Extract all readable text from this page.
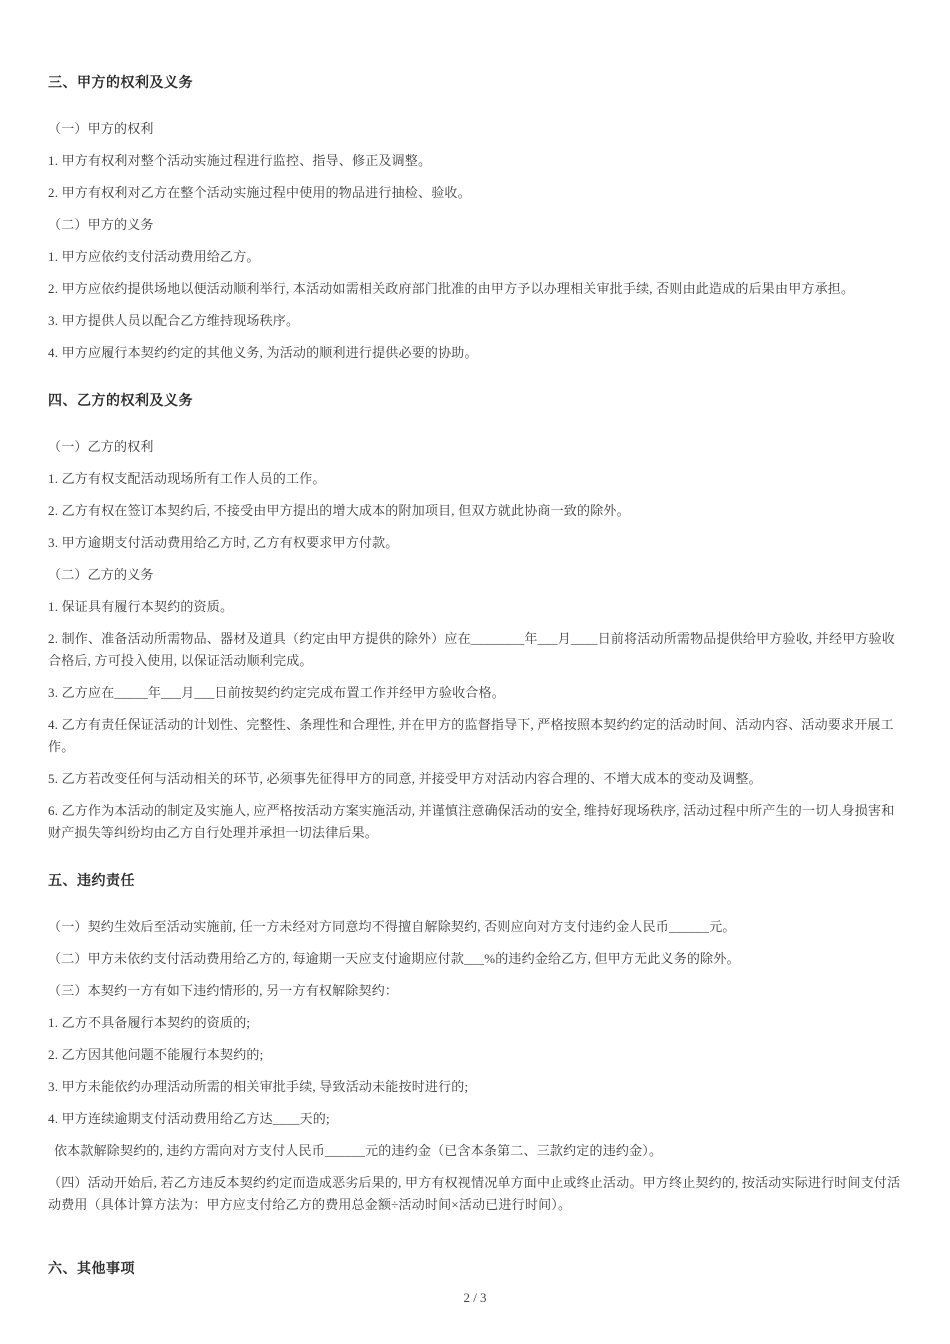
三、甲方的权利及义务

（一）甲方的权利

1. 甲方有权利对整个活动实施过程进行监控、指导、修正及调整。

2. 甲方有权利对乙方在整个活动实施过程中使用的物品进行抽检、验收。

（二）甲方的义务

1. 甲方应依约支付活动费用给乙方。

2. 甲方应依约提供场地以便活动顺利举行, 本活动如需相关政府部门批准的由甲方予以办理相关审批手续, 否则由此造成的后果由甲方承担。

3. 甲方提供人员以配合乙方维持现场秩序。

4. 甲方应履行本契约约定的其他义务, 为活动的顺利进行提供必要的协助。

四、乙方的权利及义务

（一）乙方的权利

1. 乙方有权支配活动现场所有工作人员的工作。

2. 乙方有权在签订本契约后, 不接受由甲方提出的增大成本的附加项目, 但双方就此协商一致的除外。

3. 甲方逾期支付活动费用给乙方时, 乙方有权要求甲方付款。

（二）乙方的义务

1. 保证具有履行本契约的资质。

2. 制作、准备活动所需物品、器材及道具（约定由甲方提供的除外）应在________年___月____日前将活动所需物品提供给甲方验收, 并经甲方验收合格后, 方可投入使用, 以保证活动顺利完成。

3. 乙方应在_____年___月___日前按契约约定完成布置工作并经甲方验收合格。

4. 乙方有责任保证活动的计划性、完整性、条理性和合理性, 并在甲方的监督指导下, 严格按照本契约约定的活动时间、活动内容、活动要求开展工作。

5. 乙方若改变任何与活动相关的环节, 必须事先征得甲方的同意, 并接受甲方对活动内容合理的、不增大成本的变动及调整。

6. 乙方作为本活动的制定及实施人, 应严格按活动方案实施活动, 并谨慎注意确保活动的安全, 维持好现场秩序, 活动过程中所产生的一切人身损害和财产损失等纠纷均由乙方自行处理并承担一切法律后果。

五、违约责任

（一）契约生效后至活动实施前, 任一方未经对方同意均不得擅自解除契约, 否则应向对方支付违约金人民币______元。

（二）甲方未依约支付活动费用给乙方的, 每逾期一天应支付逾期应付款___%的违约金给乙方, 但甲方无此义务的除外。

（三）本契约一方有如下违约情形的, 另一方有权解除契约：

1. 乙方不具备履行本契约的资质的;

2. 乙方因其他问题不能履行本契约的;

3. 甲方未能依约办理活动所需的相关审批手续, 导致活动未能按时进行的;

4. 甲方连续逾期支付活动费用给乙方达____天的;

依本款解除契约的, 违约方需向对方支付人民币______元的违约金（已含本条第二、三款约定的违约金）。

（四）活动开始后, 若乙方违反本契约约定而造成恶劣后果的, 甲方有权视情况单方面中止或终止活动。甲方终止契约的, 按活动实际进行时间支付活动费用（具体计算方法为：甲方应支付给乙方的费用总金额÷活动时间×活动已进行时间）。

六、其他事项
2 / 3
